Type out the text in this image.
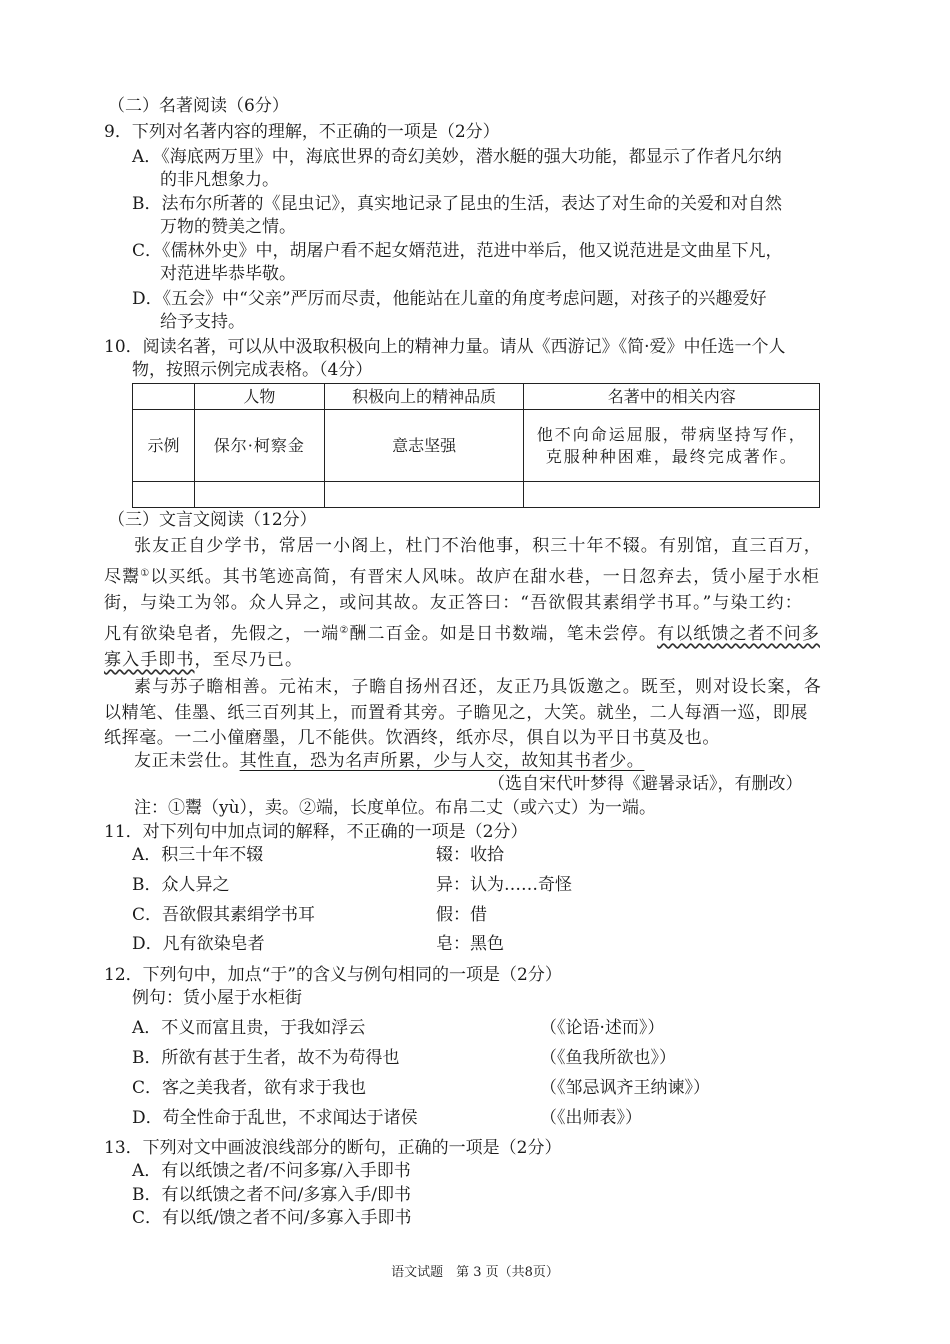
（二）名著阅读（6分）
9．下列对名著内容的理解，不正确的一项是（2分）
A．《海底两万里》中，海底世界的奇幻美妙，潜水艇的强大功能，都显示了作者凡尔纳
的非凡想象力。
B．法布尔所著的《昆虫记》，真实地记录了昆虫的生活，表达了对生命的关爱和对自然
万物的赞美之情。
C．《儒林外史》中，胡屠户看不起女婿范进，范进中举后，他又说范进是文曲星下凡，
对范进毕恭毕敬。
D．《五会》中“父亲”严厉而尽责，他能站在儿童的角度考虑问题，对孩子的兴趣爱好
给予支持。
10．阅读名著，可以从中汲取积极向上的精神力量。请从《西游记》《简·爱》中任选一个人
物，按照示例完成表格。（4分）
	人物	积极向上的精神品质	名著中的相关内容
示例	保尔·柯察金	意志坚强	他不向命运屈服，带病坚持写作，克服种种困难，最终完成著作。

（三）文言文阅读（12分）
张友正自少学书，常居一小阁上，杜门不治他事，积三十年不辍。有别馆，直三百万，
尽鬻①以买纸。其书笔迹高简，有晋宋人风味。故庐在甜水巷，一日忽弃去，赁小屋于水柜
街，与染工为邻。众人异之，或问其故。友正答曰：“吾欲假其素绢学书耳。”与染工约：
凡有欲染皂者，先假之，一端②酬二百金。如是日书数端，笔未尝停。有以纸馈之者不问多
寡入手即书，至尽乃已。
素与苏子瞻相善。元祐末，子瞻自扬州召还，友正乃具饭邀之。既至，则对设长案，各
以精笔、佳墨、纸三百列其上，而置肴其旁。子瞻见之，大笑。就坐，二人每酒一巡，即展
纸挥毫。一二小僮磨墨，几不能供。饮酒终，纸亦尽，俱自以为平日书莫及也。
友正未尝仕。其性直，恐为名声所累，少与人交，故知其书者少。
（选自宋代叶梦得《避暑录话》，有删改）
注：①鬻（yù），卖。②端，长度单位。布帛二丈（或六丈）为一端。
11．对下列句中加点词的解释，不正确的一项是（2分）
A．积三十年不辍	辍：收拾
B．众人异之	异：认为……奇怪
C．吾欲假其素绢学书耳	假：借
D．凡有欲染皂者	皂：黑色
12．下列句中，加点“于”的含义与例句相同的一项是（2分）
例句：赁小屋于水柜街
A．不义而富且贵，于我如浮云	（《论语·述而》）
B．所欲有甚于生者，故不为苟得也	（《鱼我所欲也》）
C．客之美我者，欲有求于我也	（《邹忌讽齐王纳谏》）
D．苟全性命于乱世，不求闻达于诸侯	（《出师表》）
13．下列对文中画波浪线部分的断句，正确的一项是（2分）
A．有以纸馈之者/不问多寡/入手即书
B．有以纸馈之者不问/多寡入手/即书
C．有以纸/馈之者不问/多寡入手即书
语文试题　第 3 页（共8页）
